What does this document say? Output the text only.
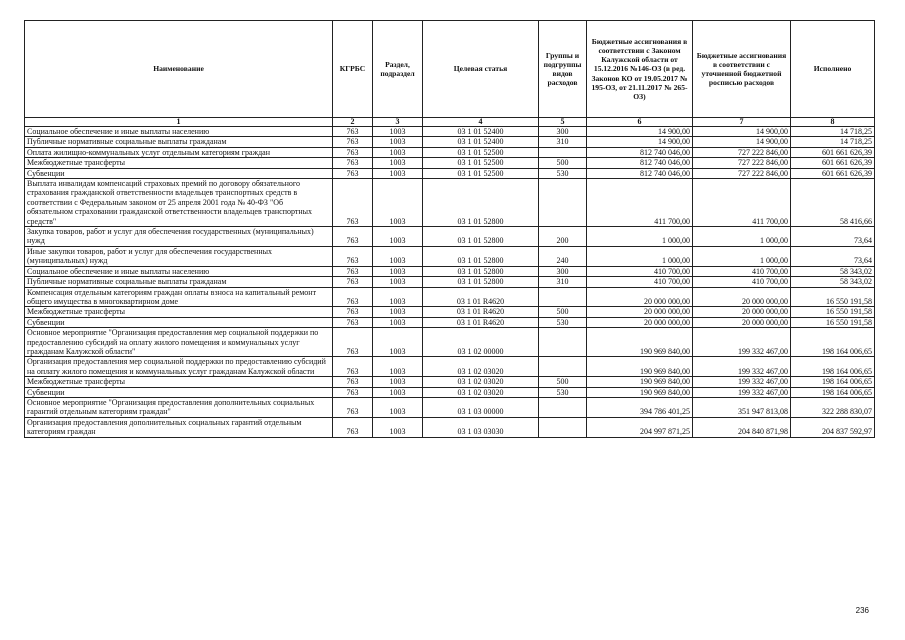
Наименование	КГРБС	Раздел, подраздел	Целевая статья	Группы и подгруппы видов расходов	Бюджетные ассигнования в соответствии с Законом Калужской области от 15.12.2016 №146-ОЗ (в ред. Законов КО от 19.05.2017 № 195-ОЗ, от 21.11.2017 № 265-ОЗ)	Бюджетные ассигнования в соответствии с уточненной бюджетной росписью расходов	Исполнено
1	2	3	4	5	6	7	8
Социальное обеспечение и иные выплаты населению	763	1003	03 1 01 52400	300	14 900,00	14 900,00	14 718,25
Публичные нормативные социальные выплаты гражданам	763	1003	03 1 01 52400	310	14 900,00	14 900,00	14 718,25
Оплата жилищно-коммунальных услуг отдельным категориям граждан	763	1003	03 1 01 52500		812 740 046,00	727 222 846,00	601 661 626,39
Межбюджетные трансферты	763	1003	03 1 01 52500	500	812 740 046,00	727 222 846,00	601 661 626,39
Субвенции	763	1003	03 1 01 52500	530	812 740 046,00	727 222 846,00	601 661 626,39
Выплата инвалидам компенсаций страховых премий по договору обязательного страхования гражданской ответственности владельцев транспортных средств в соответствии с Федеральным законом от 25 апреля 2001 года № 40-ФЗ "Об обязательном страховании гражданской ответственности владельцев транспортных средств"	763	1003	03 1 01 52800		411 700,00	411 700,00	58 416,66
Закупка товаров, работ и услуг для обеспечения государственных (муниципальных) нужд	763	1003	03 1 01 52800	200	1 000,00	1 000,00	73,64
Иные закупки товаров, работ и услуг для обеспечения государственных (муниципальных) нужд	763	1003	03 1 01 52800	240	1 000,00	1 000,00	73,64
Социальное обеспечение и иные выплаты населению	763	1003	03 1 01 52800	300	410 700,00	410 700,00	58 343,02
Публичные нормативные социальные выплаты гражданам	763	1003	03 1 01 52800	310	410 700,00	410 700,00	58 343,02
Компенсация отдельным категориям граждан оплаты взноса на капитальный ремонт общего имущества в многоквартирном доме	763	1003	03 1 01 R4620		20 000 000,00	20 000 000,00	16 550 191,58
Межбюджетные трансферты	763	1003	03 1 01 R4620	500	20 000 000,00	20 000 000,00	16 550 191,58
Субвенции	763	1003	03 1 01 R4620	530	20 000 000,00	20 000 000,00	16 550 191,58
Основное мероприятие "Организация предоставления мер социальной поддержки по предоставлению субсидий на оплату жилого помещения и коммунальных услуг гражданам Калужской области"	763	1003	03 1 02 00000		190 969 840,00	199 332 467,00	198 164 006,65
Организация предоставления мер социальной поддержки по предоставлению субсидий на оплату жилого помещения и коммунальных услуг гражданам Калужской области	763	1003	03 1 02 03020		190 969 840,00	199 332 467,00	198 164 006,65
Межбюджетные трансферты	763	1003	03 1 02 03020	500	190 969 840,00	199 332 467,00	198 164 006,65
Субвенции	763	1003	03 1 02 03020	530	190 969 840,00	199 332 467,00	198 164 006,65
Основное мероприятие "Организация предоставления дополнительных социальных гарантий отдельным категориям граждан"	763	1003	03 1 03 00000		394 786 401,25	351 947 813,08	322 288 830,07
Организация предоставления дополнительных социальных гарантий отдельным категориям граждан	763	1003	03 1 03 03030		204 997 871,25	204 840 871,98	204 837 592,97
236
